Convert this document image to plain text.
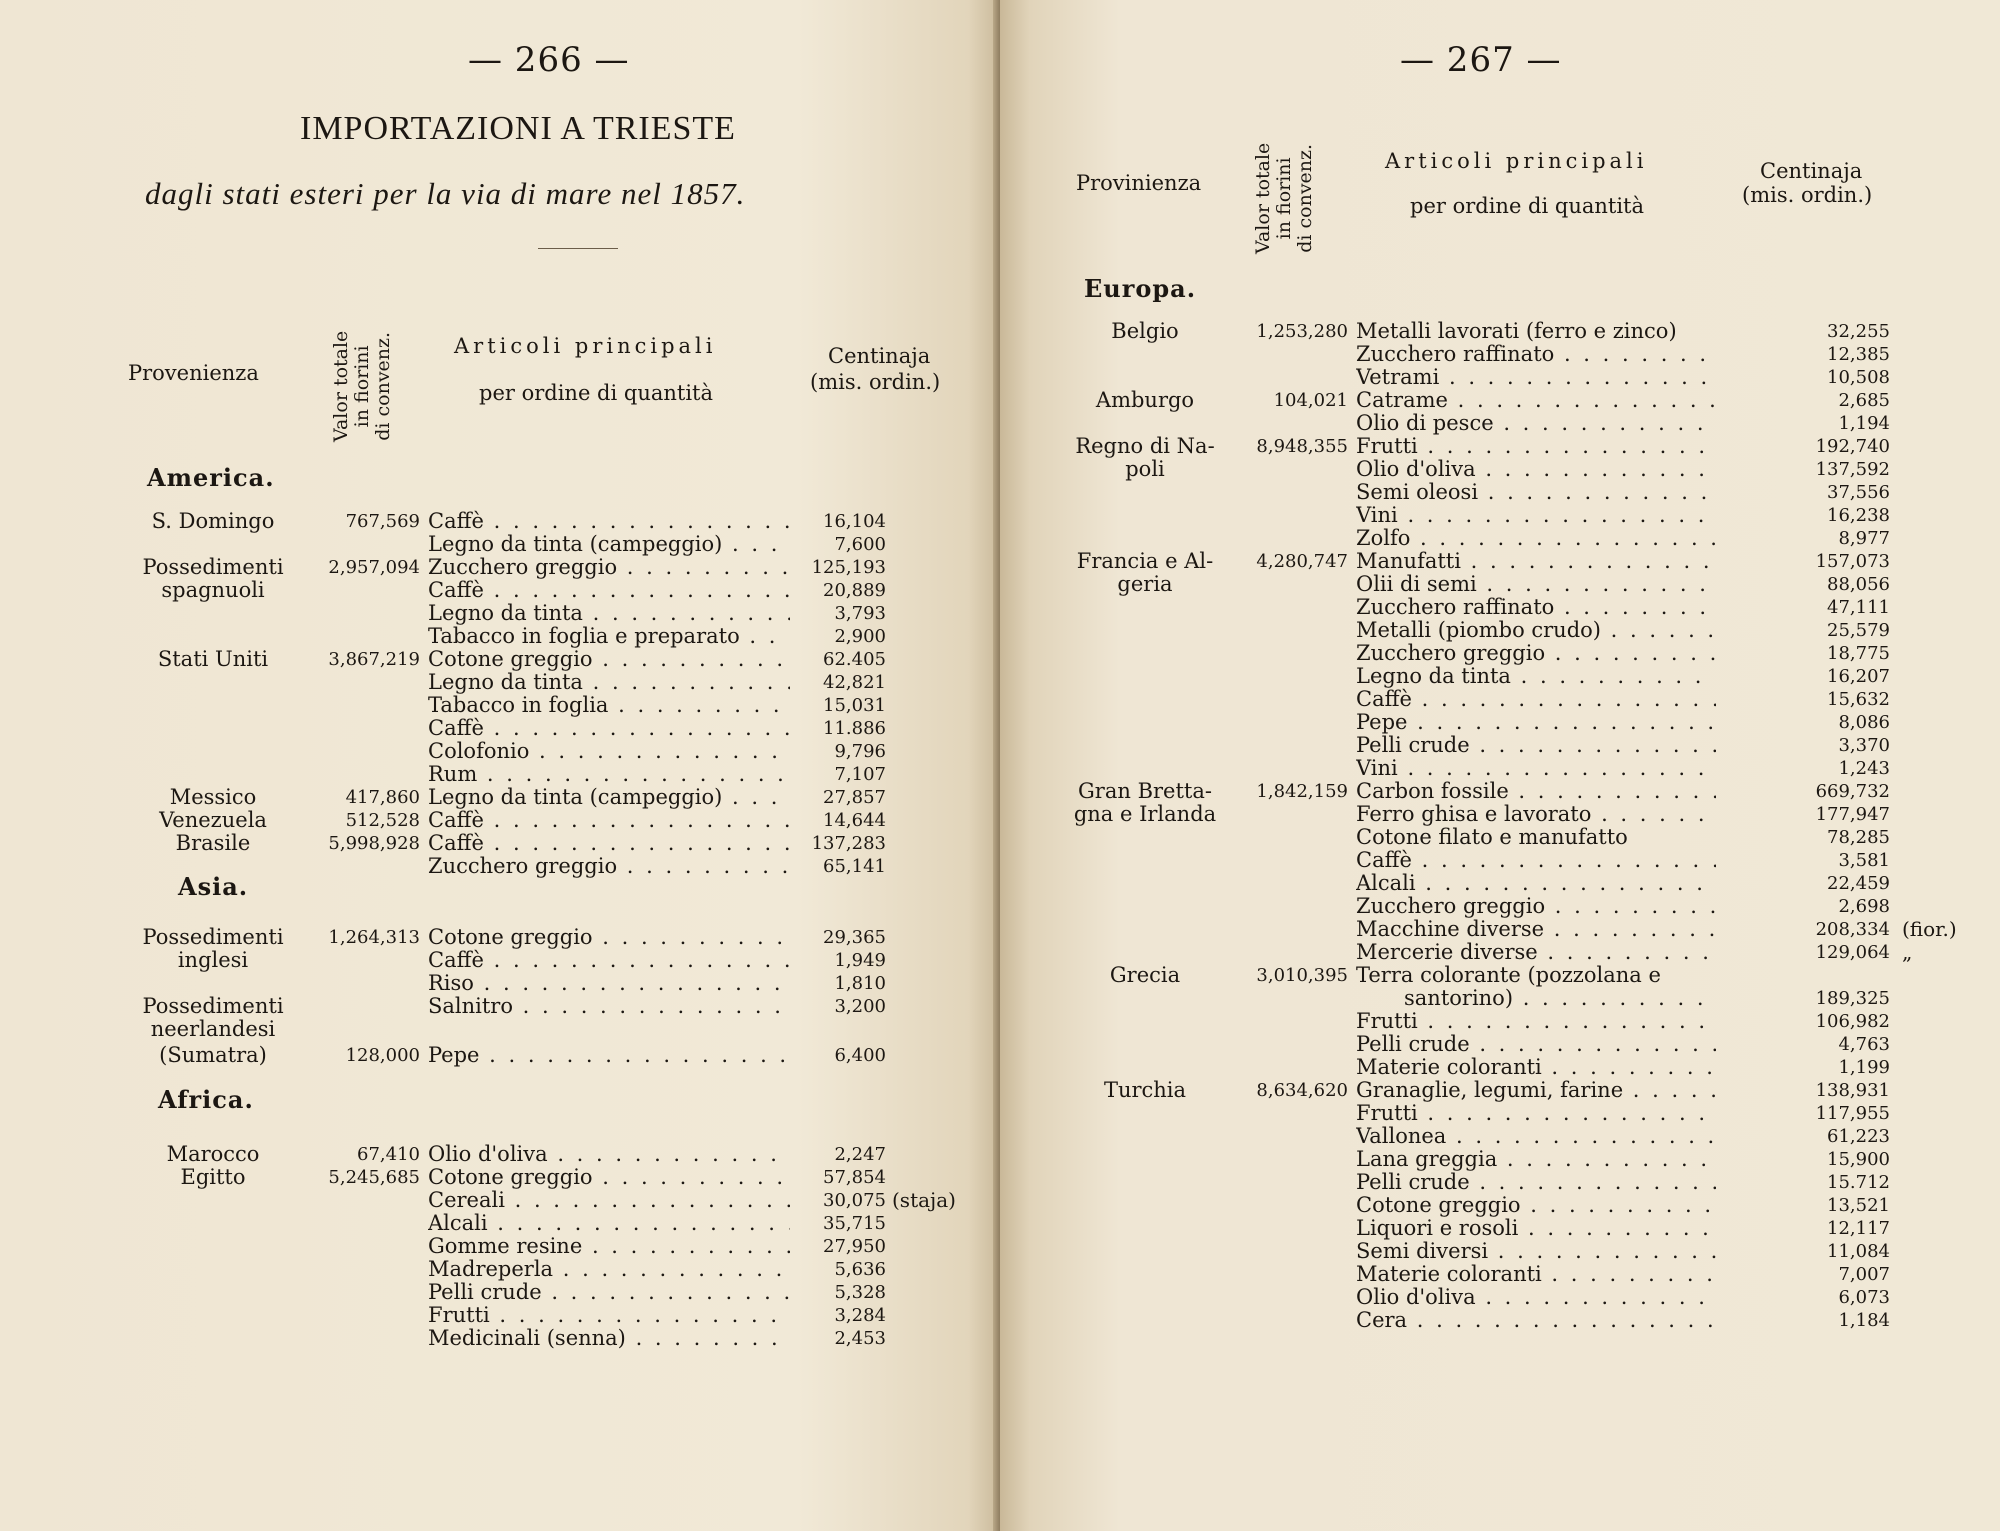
— 266 —
IMPORTAZIONI A TRIESTE
dagli stati esteri per la via di mare nel 1857.
Provenienza
Valor totale
in fiorini
di convenz.	Articoli principali
per ordine di quantità
Centinaja
(mis. ordin.)
America.
Asia.
Africa.
S. Domingo	767,569 Caffè . . .	16,104
Legno da tinta (campeggio) . . .	7,600
Possedimenti	2,957,094 Zucchero greggio . . .	125,193
spagnuoli	Caffè . . .	20,889
Legno da tinta . . .	3,793
Tabacco in foglia e preparato . . .	2,900
Stati Uniti	3,867,219 Cotone greggio . . .	62.405
Legno da tinta . . .	42,821
Tabacco in foglia . . .	15,031
Caffè . . .	11.886
Colofonio . . .	9,796
Rum . . .	7,107
Messico	417,860 Legno da tinta (campeggio) . . .	27,857
Venezuela	512,528 Caffè . . .	14,644
Brasile	5,998,928 Caffè . . .	137,283
Zucchero greggio . . .	65,141
Possedimenti	1,264,313 Cotone greggio . . .	29,365
inglesi	Caffè . . .	1,949
Riso . . .	1,810
Possedimenti	Salnitro . . .	3,200
neerlandesi
(Sumatra)	128,000 Pepe . . .	6,400
Marocco	67,410 Olio d'oliva . . .	2,247
Egitto	5,245,685 Cotone greggio . . .	57,854
Cereali . . .	30,075 (staja)
Alcali . . .	35,715
Gomme resine . . .	27,950
Madreperla . . .	5,636
Pelli crude . . .	5,328
Frutti . . .	3,284
Medicinali (senna) . . .	2,453
— 267 —
Provinienza
Valor totale
in fiorini
di convenz.	Articoli principali
per ordine di quantità
Centinaja
(mis. ordin.)
Europa.
Belgio	1,253,280 Metalli lavorati (ferro e zinco)	32,255
Zucchero raffinato . . .	12,385
Vetrami . . .	10,508
Amburgo	104,021 Catrame . . .	2,685
Olio di pesce . . .	1,194
Regno di Na-	8,948,355 Frutti . . .	192,740
poli	Olio d'oliva . . .	137,592
Semi oleosi . . .	37,556
Vini . . .	16,238
Zolfo . . .	8,977
Francia e Al-	4,280,747 Manufatti . . .	157,073
geria	Olii di semi . . .	88,056
Zucchero raffinato . . .	47,111
Metalli (piombo crudo) . . .	25,579
Zucchero greggio . . .	18,775
Legno da tinta . . .	16,207
Caffè . . .	15,632
Pepe . . .	8,086
Pelli crude . . .	3,370
Vini . . .	1,243
Gran Bretta-	1,842,159 Carbon fossile . . .	669,732
gna e Irlanda	Ferro ghisa e lavorato . . .	177,947
Cotone filato e manufatto	78,285
Caffè . . .	3,581
Alcali . . .	22,459
Zucchero greggio . . .	2,698
Macchine diverse . . .	208,334 (fior.)
Mercerie diverse . . .	129,064 „
Grecia	3,010,395 Terra colorante (pozzolana e
santorino) . . .	189,325
Frutti . . .	106,982
Pelli crude . . .	4,763
Materie coloranti . . .	1,199
Turchia	8,634,620 Granaglie, legumi, farine . . .	138,931
Frutti . . .	117,955
Vallonea . . .	61,223
Lana greggia . . .	15,900
Pelli crude . . .	15.712
Cotone greggio . . .	13,521
Liquori e rosoli . . .	12,117
Semi diversi . . .	11,084
Materie coloranti . . .	7,007
Olio d'oliva . . .	6,073
Cera . . .	1,184
